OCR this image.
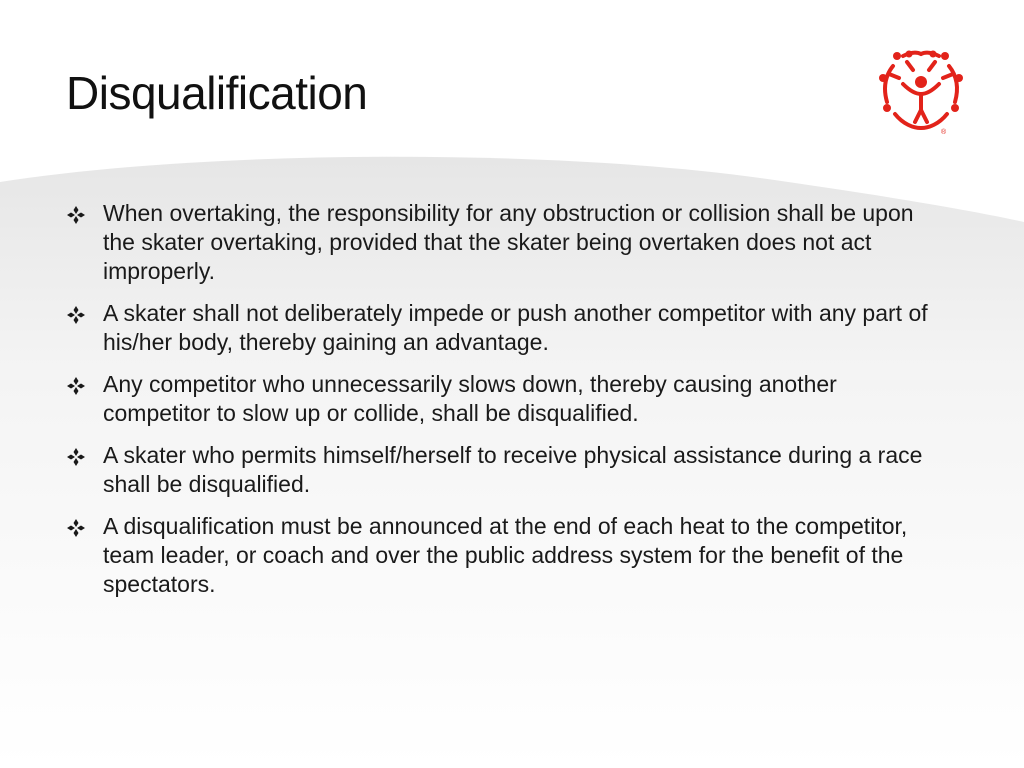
Disqualification
®
When overtaking, the responsibility for any obstruction or collision shall be upon the skater overtaking, provided that the skater being overtaken does not act improperly.
A skater shall not deliberately impede or push another competitor with any part of his/her body, thereby gaining an advantage.
Any competitor who unnecessarily slows down, thereby causing another competitor to slow up or collide, shall be disqualified.
A skater who permits himself/herself to receive physical assistance during a race shall be disqualified.
A disqualification must be announced at the end of each heat to the competitor, team leader, or coach and over the public address system for the benefit of the spectators.
